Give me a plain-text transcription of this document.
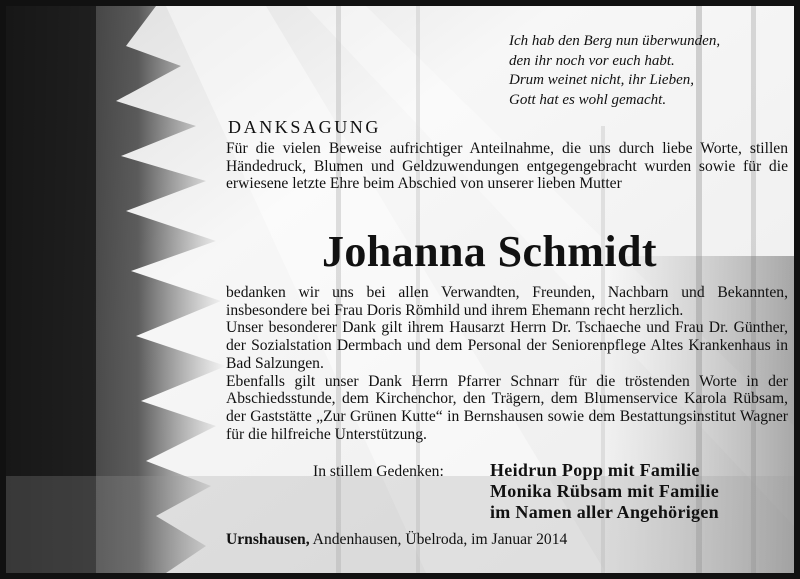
Ich hab den Berg nun überwunden,
den ihr noch vor euch habt.
Drum weinet nicht, ihr Lieben,
Gott hat es wohl gemacht.
DANKSAGUNG
Für die vielen Beweise aufrichtiger Anteilnahme, die uns durch liebe Worte, stillen Händedruck, Blumen und Geldzuwendungen entgegengebracht wurden sowie für die erwiesene letzte Ehre beim Abschied von unserer lieben Mutter
Johanna Schmidt
bedanken wir uns bei allen Verwandten, Freunden, Nachbarn und Bekannten, insbesondere bei Frau Doris Römhild und ihrem Ehemann recht herzlich.
Unser besonderer Dank gilt ihrem Hausarzt Herrn Dr. Tschaeche und Frau Dr. Günther, der Sozialstation Dermbach und dem Personal der Seniorenpflege Altes Krankenhaus in Bad Salzungen.
Ebenfalls gilt unser Dank Herrn Pfarrer Schnarr für die tröstenden Worte in der Abschiedsstunde, dem Kirchenchor, den Trägern, dem Blumenservice Karola Rübsam, der Gaststätte „Zur Grünen Kutte“ in Bernshausen sowie dem Bestattungsinstitut Wagner für die hilfreiche Unterstützung.
In stillem Gedenken:	Heidrun Popp mit Familie
Monika Rübsam mit Familie
im Namen aller Angehörigen
Urnshausen, Andenhausen, Übelroda, im Januar 2014
